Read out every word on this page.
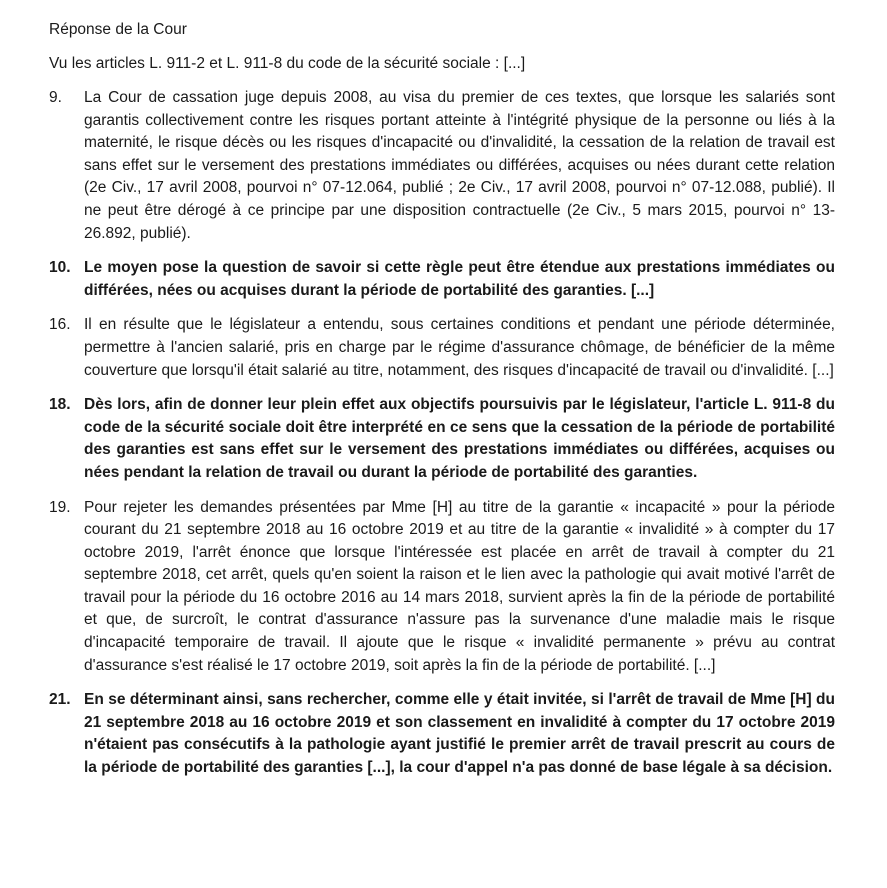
Réponse de la Cour
Vu les articles L. 911-2 et L. 911-8 du code de la sécurité sociale : [...]
9.	La Cour de cassation juge depuis 2008, au visa du premier de ces textes, que lorsque les salariés sont garantis collectivement contre les risques portant atteinte à l'intégrité physique de la personne ou liés à la maternité, le risque décès ou les risques d'incapacité ou d'invalidité, la cessation de la relation de travail est sans effet sur le versement des prestations immédiates ou différées, acquises ou nées durant cette relation (2e Civ., 17 avril 2008, pourvoi n° 07-12.064, publié ; 2e Civ., 17 avril 2008, pourvoi n° 07-12.088, publié). Il ne peut être dérogé à ce principe par une disposition contractuelle (2e Civ., 5 mars 2015, pourvoi n° 13-26.892, publié).
10. Le moyen pose la question de savoir si cette règle peut être étendue aux prestations immédiates ou différées, nées ou acquises durant la période de portabilité des garanties. [...]
16. Il en résulte que le législateur a entendu, sous certaines conditions et pendant une période déterminée, permettre à l'ancien salarié, pris en charge par le régime d'assurance chômage, de bénéficier de la même couverture que lorsqu'il était salarié au titre, notamment, des risques d'incapacité de travail ou d'invalidité. [...]
18. Dès lors, afin de donner leur plein effet aux objectifs poursuivis par le législateur, l'article L. 911-8 du code de la sécurité sociale doit être interprété en ce sens que la cessation de la période de portabilité des garanties est sans effet sur le versement des prestations immédiates ou différées, acquises ou nées pendant la relation de travail ou durant la période de portabilité des garanties.
19. Pour rejeter les demandes présentées par Mme [H] au titre de la garantie « incapacité » pour la période courant du 21 septembre 2018 au 16 octobre 2019 et au titre de la garantie « invalidité » à compter du 17 octobre 2019, l'arrêt énonce que lorsque l'intéressée est placée en arrêt de travail à compter du 21 septembre 2018, cet arrêt, quels qu'en soient la raison et le lien avec la pathologie qui avait motivé l'arrêt de travail pour la période du 16 octobre 2016 au 14 mars 2018, survient après la fin de la période de portabilité et que, de surcroît, le contrat d'assurance n'assure pas la survenance d'une maladie mais le risque d'incapacité temporaire de travail. Il ajoute que le risque « invalidité permanente » prévu au contrat d'assurance s'est réalisé le 17 octobre 2019, soit après la fin de la période de portabilité. [...]
21. En se déterminant ainsi, sans rechercher, comme elle y était invitée, si l'arrêt de travail de Mme [H] du 21 septembre 2018 au 16 octobre 2019 et son classement en invalidité à compter du 17 octobre 2019 n'étaient pas consécutifs à la pathologie ayant justifié le premier arrêt de travail prescrit au cours de la période de portabilité des garanties [...], la cour d'appel n'a pas donné de base légale à sa décision.
